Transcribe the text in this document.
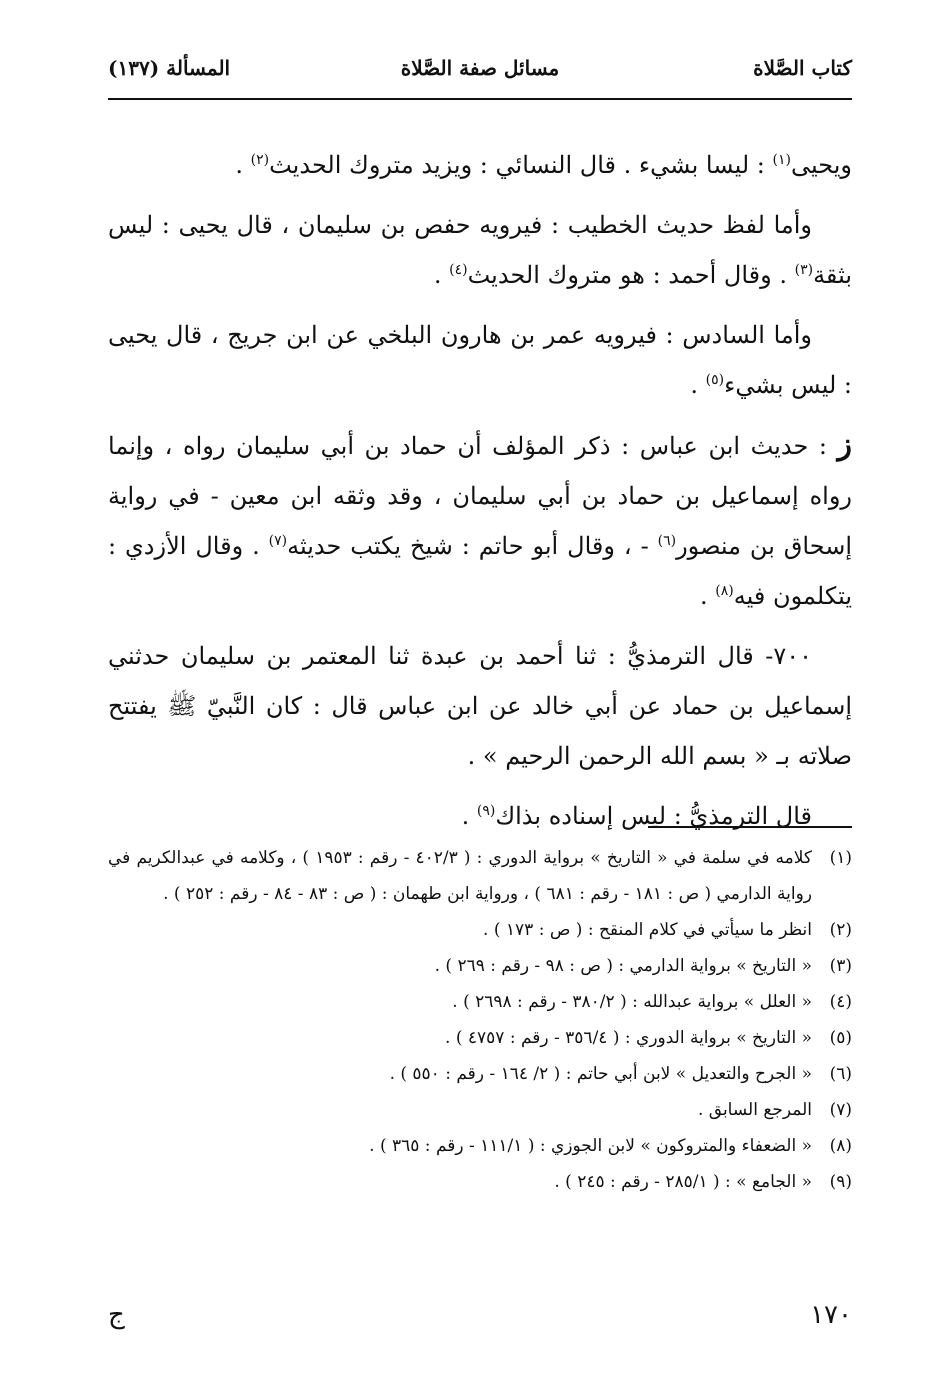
كتاب الصَّلاة
مسائل صفة الصَّلاة
المسألة (١٣٧)

ويحيى$^{(١)}$ : ليسا بشيء . قال النسائي : ويزيد متروك الحديث$^{(٢)}$ .

وأما لفظ حديث الخطيب : فيرويه حفص بن سليمان ، قال يحيى : ليس بثقة$^{(٣)}$ . وقال أحمد : هو متروك الحديث$^{(٤)}$ .

وأما السادس : فيرويه عمر بن هارون البلخي عن ابن جريج ، قال يحيى : ليس بشيء$^{(٥)}$ .

ز : حديث ابن عباس : ذكر المؤلف أن حماد بن أبي سليمان رواه ، وإنما رواه إسماعيل بن حماد بن أبي سليمان ، وقد وثقه ابن معين - في رواية إسحاق بن منصور$^{(٦)}$ - ، وقال أبو حاتم : شيخ يكتب حديثه$^{(٧)}$ . وقال الأزدي : يتكلمون فيه$^{(٨)}$ .

٧٠٠- قال الترمذيُّ : ثنا أحمد بن عبدة ثنا المعتمر بن سليمان حدثني إسماعيل بن حماد عن أبي خالد عن ابن عباس قال : كان النَّبيّ ﷺ يفتتح صلاته بـ « بسم الله الرحمن الرحيم » .

قال الترمذيُّ : ليس إسناده بذاك$^{(٩)}$ .

(١)
كلامه في سلمة في « التاريخ » برواية الدوري : ( ٤٠٢/٣ - رقم : ١٩٥٣ ) ، وكلامه في عبدالكريم في رواية الدارمي ( ص : ١٨١ - رقم : ٦٨١ ) ، ورواية ابن طهمان : ( ص : ٨٣ - ٨٤ - رقم : ٢٥٢ ) .
(٢)
انظر ما سيأتي في كلام المنقح : ( ص : ١٧٣ ) .
(٣)
« التاريخ » برواية الدارمي : ( ص : ٩٨ - رقم : ٢٦٩ ) .
(٤)
« العلل » برواية عبدالله : ( ٣٨٠/٢ - رقم : ٢٦٩٨ ) .
(٥)
« التاريخ » برواية الدوري : ( ٣٥٦/٤ - رقم : ٤٧٥٧ ) .
(٦)
« الجرح والتعديل » لابن أبي حاتم : ( ٢/ ١٦٤ - رقم : ٥٥٠ ) .
(٧)
المرجع السابق .
(٨)
« الضعفاء والمتروكون » لابن الجوزي : ( ١١١/١ - رقم : ٣٦٥ ) .
(٩)
« الجامع » : ( ٢٨٥/١ - رقم : ٢٤٥ ) .
١٧٠
ج
